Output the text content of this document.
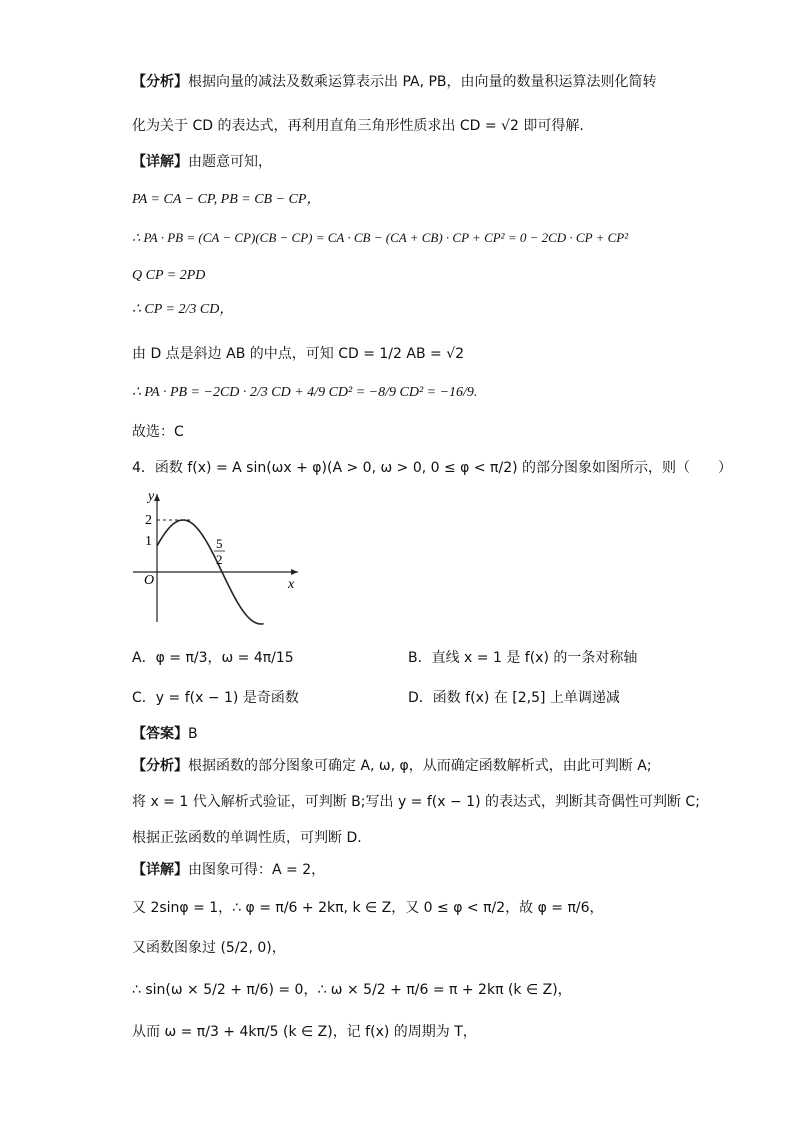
【分析】根据向量的减法及数乘运算表示出 PA, PB，由向量的数量积运算法则化简转
化为关于 CD 的表达式，再利用直角三角形性质求出 CD = √2 即可得解.
【详解】由题意可知，
PA = CA − CP, PB = CB − CP，
∴ PA · PB = (CA − CP)(CB − CP) = CA · CB − (CA + CB) · CP + CP² = 0 − 2CD · CP + CP²
Q CP = 2PD
∴ CP = 2/3 CD，
由 D 点是斜边 AB 的中点，可知 CD = 1/2 AB = √2
∴ PA · PB = −2CD · 2/3 CD + 4/9 CD² = −8/9 CD² = −16/9.
故选：C
4．函数 f(x) = A sin(ωx + φ)(A > 0, ω > 0, 0 ≤ φ < π/2) 的部分图象如图所示，则（　　）
y
x
O
2
1	5
2
A．φ = π/3，ω = 4π/15	B．直线 x = 1 是 f(x) 的一条对称轴
C．y = f(x − 1) 是奇函数	D．函数 f(x) 在 [2,5] 上单调递减
【答案】B
【分析】根据函数的部分图象可确定 A, ω, φ，从而确定函数解析式，由此可判断 A;
将 x = 1 代入解析式验证，可判断 B;写出 y = f(x − 1) 的表达式，判断其奇偶性可判断 C;
根据正弦函数的单调性质，可判断 D.
【详解】由图象可得：A = 2，
又 2sinφ = 1，∴ φ = π/6 + 2kπ, k ∈ Z，又 0 ≤ φ < π/2，故 φ = π/6，
又函数图象过 (5/2, 0)，
∴ sin(ω × 5/2 + π/6) = 0，∴ ω × 5/2 + π/6 = π + 2kπ (k ∈ Z)，
从而 ω = π/3 + 4kπ/5 (k ∈ Z)，记 f(x) 的周期为 T，
